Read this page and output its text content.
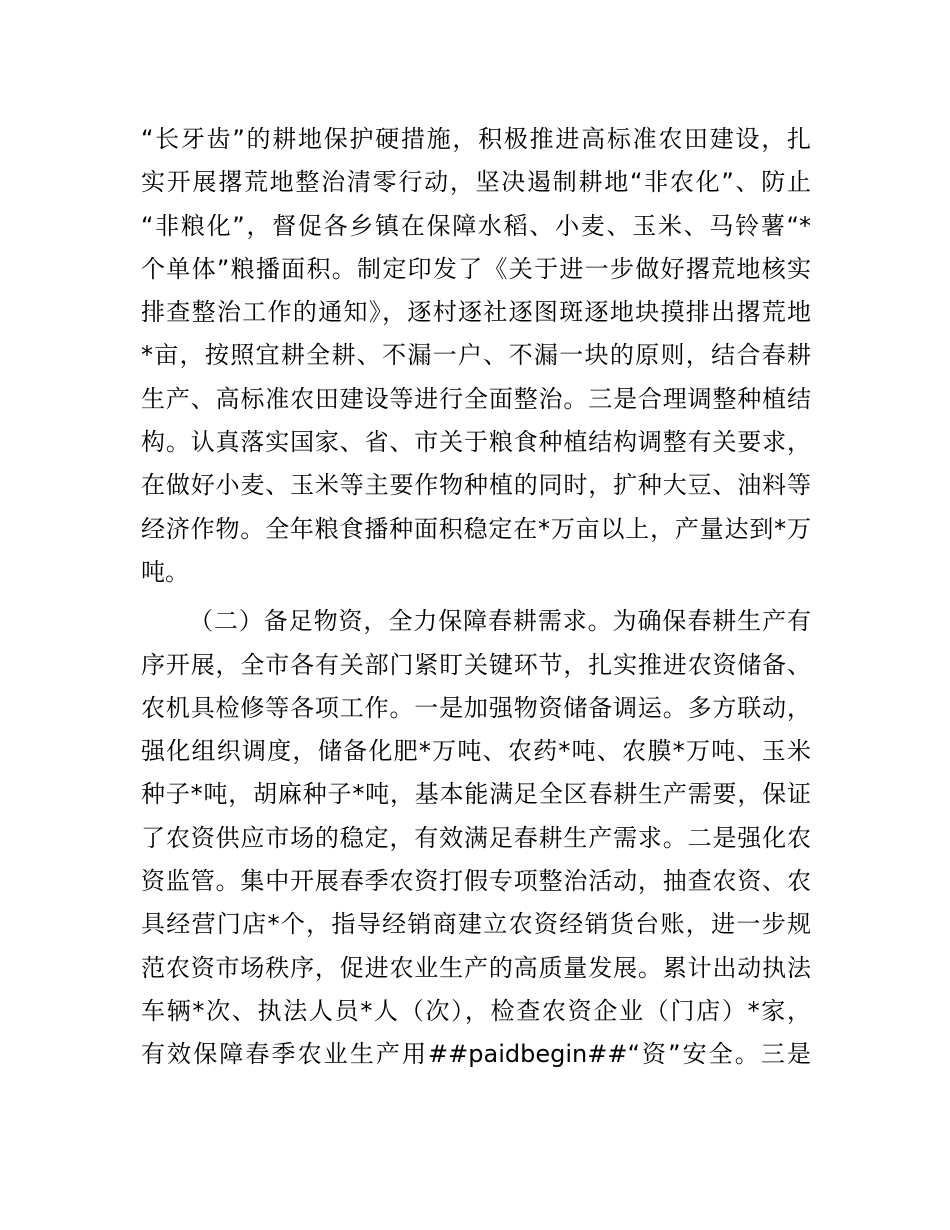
“长牙齿”的耕地保护硬措施，积极推进高标准农田建设，扎
实开展撂荒地整治清零行动，坚决遏制耕地“非农化”、防止
“非粮化”，督促各乡镇在保障水稻、小麦、玉米、马铃薯“*
个单体”粮播面积。制定印发了《关于进一步做好撂荒地核实
排查整治工作的通知》，逐村逐社逐图斑逐地块摸排出撂荒地
*亩，按照宜耕全耕、不漏一户、不漏一块的原则，结合春耕
生产、高标准农田建设等进行全面整治。三是合理调整种植结
构。认真落实国家、省、市关于粮食种植结构调整有关要求，
在做好小麦、玉米等主要作物种植的同时，扩种大豆、油料等
经济作物。全年粮食播种面积稳定在*万亩以上，产量达到*万
吨。
（二）备足物资，全力保障春耕需求。为确保春耕生产有
序开展，全市各有关部门紧盯关键环节，扎实推进农资储备、
农机具检修等各项工作。一是加强物资储备调运。多方联动，
强化组织调度，储备化肥*万吨、农药*吨、农膜*万吨、玉米
种子*吨，胡麻种子*吨，基本能满足全区春耕生产需要，保证
了农资供应市场的稳定，有效满足春耕生产需求。二是强化农
资监管。集中开展春季农资打假专项整治活动，抽查农资、农
具经营门店*个，指导经销商建立农资经销货台账，进一步规
范农资市场秩序，促进农业生产的高质量发展。累计出动执法
车辆*次、执法人员*人（次），检查农资企业（门店）*家，
有效保障春季农业生产用##paidbegin##“资”安全。三是
